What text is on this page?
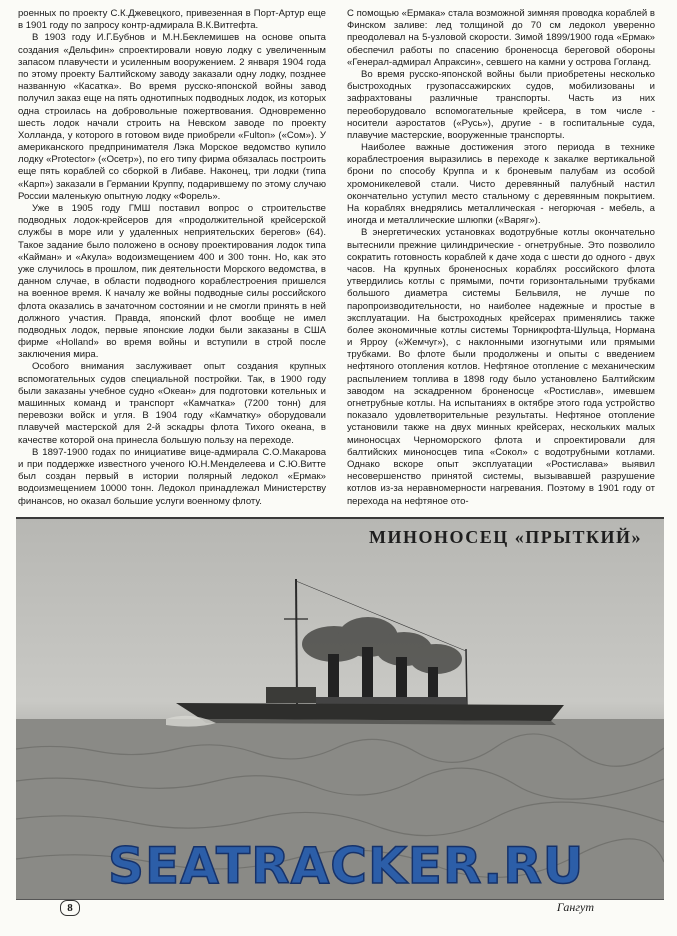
роенных по проекту С.К.Джевецкого, привезенная в Порт-Артур еще в 1901 году по запросу контр-адмирала В.К.Витгефта.

В 1903 году И.Г.Бубнов и М.Н.Беклемишев на основе опыта создания «Дельфин» спроектировали новую лодку с увеличенным запасом плавучести и усиленным вооружением. 2 января 1904 года по этому проекту Балтийскому заводу заказали одну лодку, позднее названную «Касатка». Во время русско-японской войны завод получил заказ еще на пять однотипных подводных лодок, из которых одна строилась на добровольные пожертвования. Одновременно шесть лодок начали строить на Невском заводе по проекту Холланда, у которого в готовом виде приобрели «Fulton» («Сом»). У американского предпринимателя Лэка Морское ведомство купило лодку «Protector» («Осетр»), по его типу фирма обязалась построить еще пять кораблей со сборкой в Либаве. Наконец, три лодки (типа «Карп») заказали в Германии Круппу, подарившему по этому случаю России маленькую опытную лодку «Форель».

Уже в 1905 году ГМШ поставил вопрос о строительстве подводных лодок-крейсеров для «продолжительной крейсерской службы в море или у удаленных неприятельских берегов» (64). Такое задание было положено в основу проектирования лодок типа «Кайман» и «Акула» водоизмещением 400 и 300 тонн. Но, как это уже случилось в прошлом, пик деятельности Морского ведомства, в данном случае, в области подводного кораблестроения пришелся на военное время. К началу же войны подводные силы российского флота оказались в зачаточном состоянии и не смогли принять в ней должного участия. Правда, японский флот вообще не имел подводных лодок, первые японские лодки были заказаны в США фирме «Holland» во время войны и вступили в строй после заключения мира.

Особого внимания заслуживает опыт создания крупных вспомогательных судов специальной постройки. Так, в 1900 году были заказаны учебное судно «Океан» для подготовки котельных и машинных команд и транспорт «Камчатка» (7200 тонн) для перевозки войск и угля. В 1904 году «Камчатку» оборудовали плавучей мастерской для 2-й эскадры флота Тихого океана, в качестве которой она принесла большую пользу на переходе.

В 1897-1900 годах по инициативе вице-адмирала С.О.Макарова и при поддержке известного ученого Ю.Н.Менделеева и С.Ю.Витте был создан первый в истории полярный ледокол «Ермак» водоизмещением 10000 тонн. Ледокол принадлежал Министерству финансов, но оказал большие услуги военному флоту.

С помощью «Ермака» стала возможной зимняя проводка кораблей в Финском заливе: лед толщиной до 70 см ледокол уверенно преодолевал на 5-узловой скорости. Зимой 1899/1900 года «Ермак» обеспечил работы по спасению броненосца береговой обороны «Генерал-адмирал Апраксин», севшего на камни у острова Гогланд.

Во время русско-японской войны были приобретены несколько быстроходных грузопассажирских судов, мобилизованы и зафрахтованы различные транспорты. Часть из них переоборудовало вспомогательные крейсера, в том числе - носители аэростатов («Русь»), другие - в госпитальные суда, плавучие мастерские, вооруженные транспорты.

Наиболее важные достижения этого периода в технике кораблестроения выразились в переходе к закалке вертикальной брони по способу Круппа и к броневым палубам из особой хромоникелевой стали. Чисто деревянный палубный настил окончательно уступил место стальному с деревянным покрытием. На кораблях внедрялись металлическая - негорючая - мебель, а иногда и металлические шлюпки («Варяг»).

В энергетических установках водотрубные котлы окончательно вытеснили прежние цилиндрические - огнетрубные. Это позволило сократить готовность кораблей к даче хода с шести до одного - двух часов. На крупных броненосных кораблях российского флота утвердились котлы с прямыми, почти горизонтальными трубками большого диаметра системы Бельвиля, не лучше по паропроизводительности, но наиболее надежные и простые в эксплуатации. На быстроходных крейсерах применялись также более экономичные котлы системы Торникрофта-Шульца, Нормана и Ярроу («Жемчуг»), с наклонными изогнутыми или прямыми трубками. Во флоте были продолжены и опыты с введением нефтяного отопления котлов. Нефтяное отопление с механическим распылением топлива в 1898 году было установлено Балтийским заводом на эскадренном броненосце «Ростислав», имевшем огнетрубные котлы. На испытаниях в октябре этого года устройство показало удовлетворительные результаты. Нефтяное отопление установили также на двух минных крейсерах, нескольких малых миноносцах Черноморского флота и спроектировали для балтийских миноносцев типа «Сокол» с водотрубными котлами. Однако вскоре опыт эксплуатации «Ростислава» выявил несовершенство принятой системы, вызывавшей разрушение котлов из-за неравномерности нагревания. Поэтому в 1901 году от перехода на нефтяное ото-

МИНОНОСЕЦ «ПРЫТКИЙ»
SEATRACKER.RU
8	Гангут
